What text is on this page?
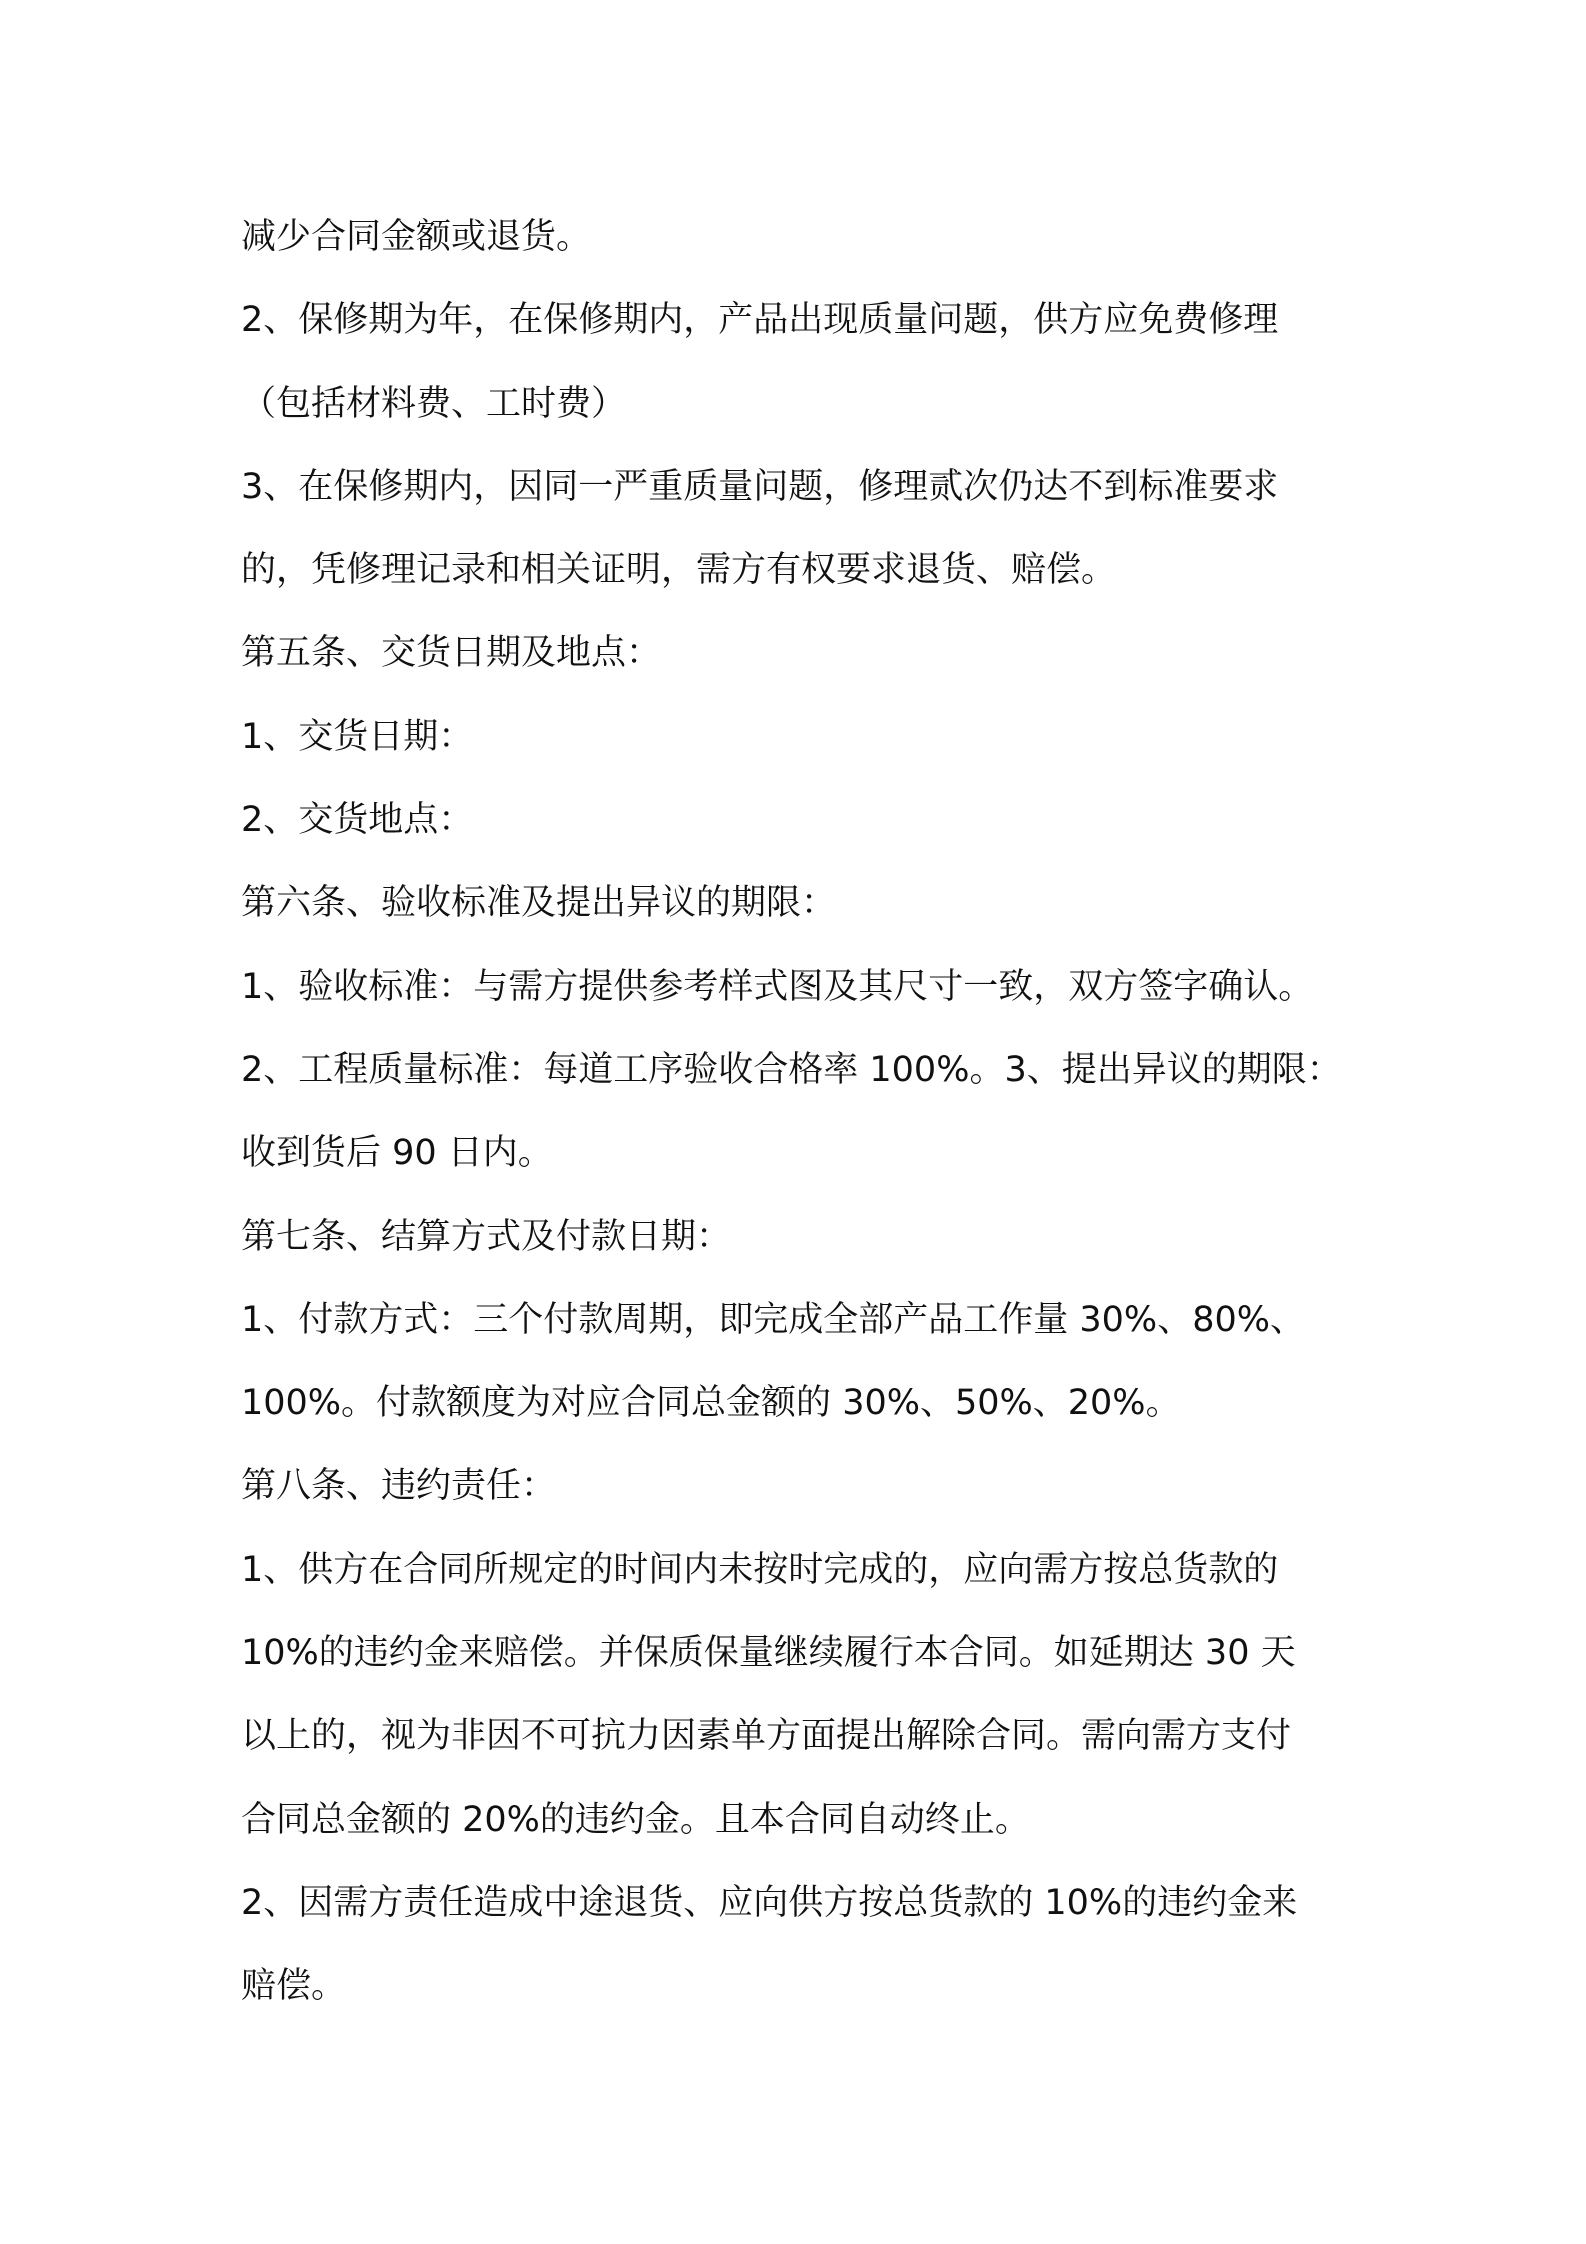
减少合同金额或退货。
2、保修期为年，在保修期内，产品出现质量问题，供方应免费修理
（包括材料费、工时费）
3、在保修期内，因同一严重质量问题，修理贰次仍达不到标准要求
的，凭修理记录和相关证明，需方有权要求退货、赔偿。
第五条、交货日期及地点：
1、交货日期：
2、交货地点：
第六条、验收标准及提出异议的期限：
1、验收标准：与需方提供参考样式图及其尺寸一致，双方签字确认。
2、工程质量标准：每道工序验收合格率 100%。3、提出异议的期限：
收到货后 90 日内。
第七条、结算方式及付款日期：
1、付款方式：三个付款周期，即完成全部产品工作量 30%、80%、
100%。付款额度为对应合同总金额的 30%、50%、20%。
第八条、违约责任：
1、供方在合同所规定的时间内未按时完成的，应向需方按总货款的
10%的违约金来赔偿。并保质保量继续履行本合同。如延期达 30 天
以上的，视为非因不可抗力因素单方面提出解除合同。需向需方支付
合同总金额的 20%的违约金。且本合同自动终止。
2、因需方责任造成中途退货、应向供方按总货款的 10%的违约金来
赔偿。
